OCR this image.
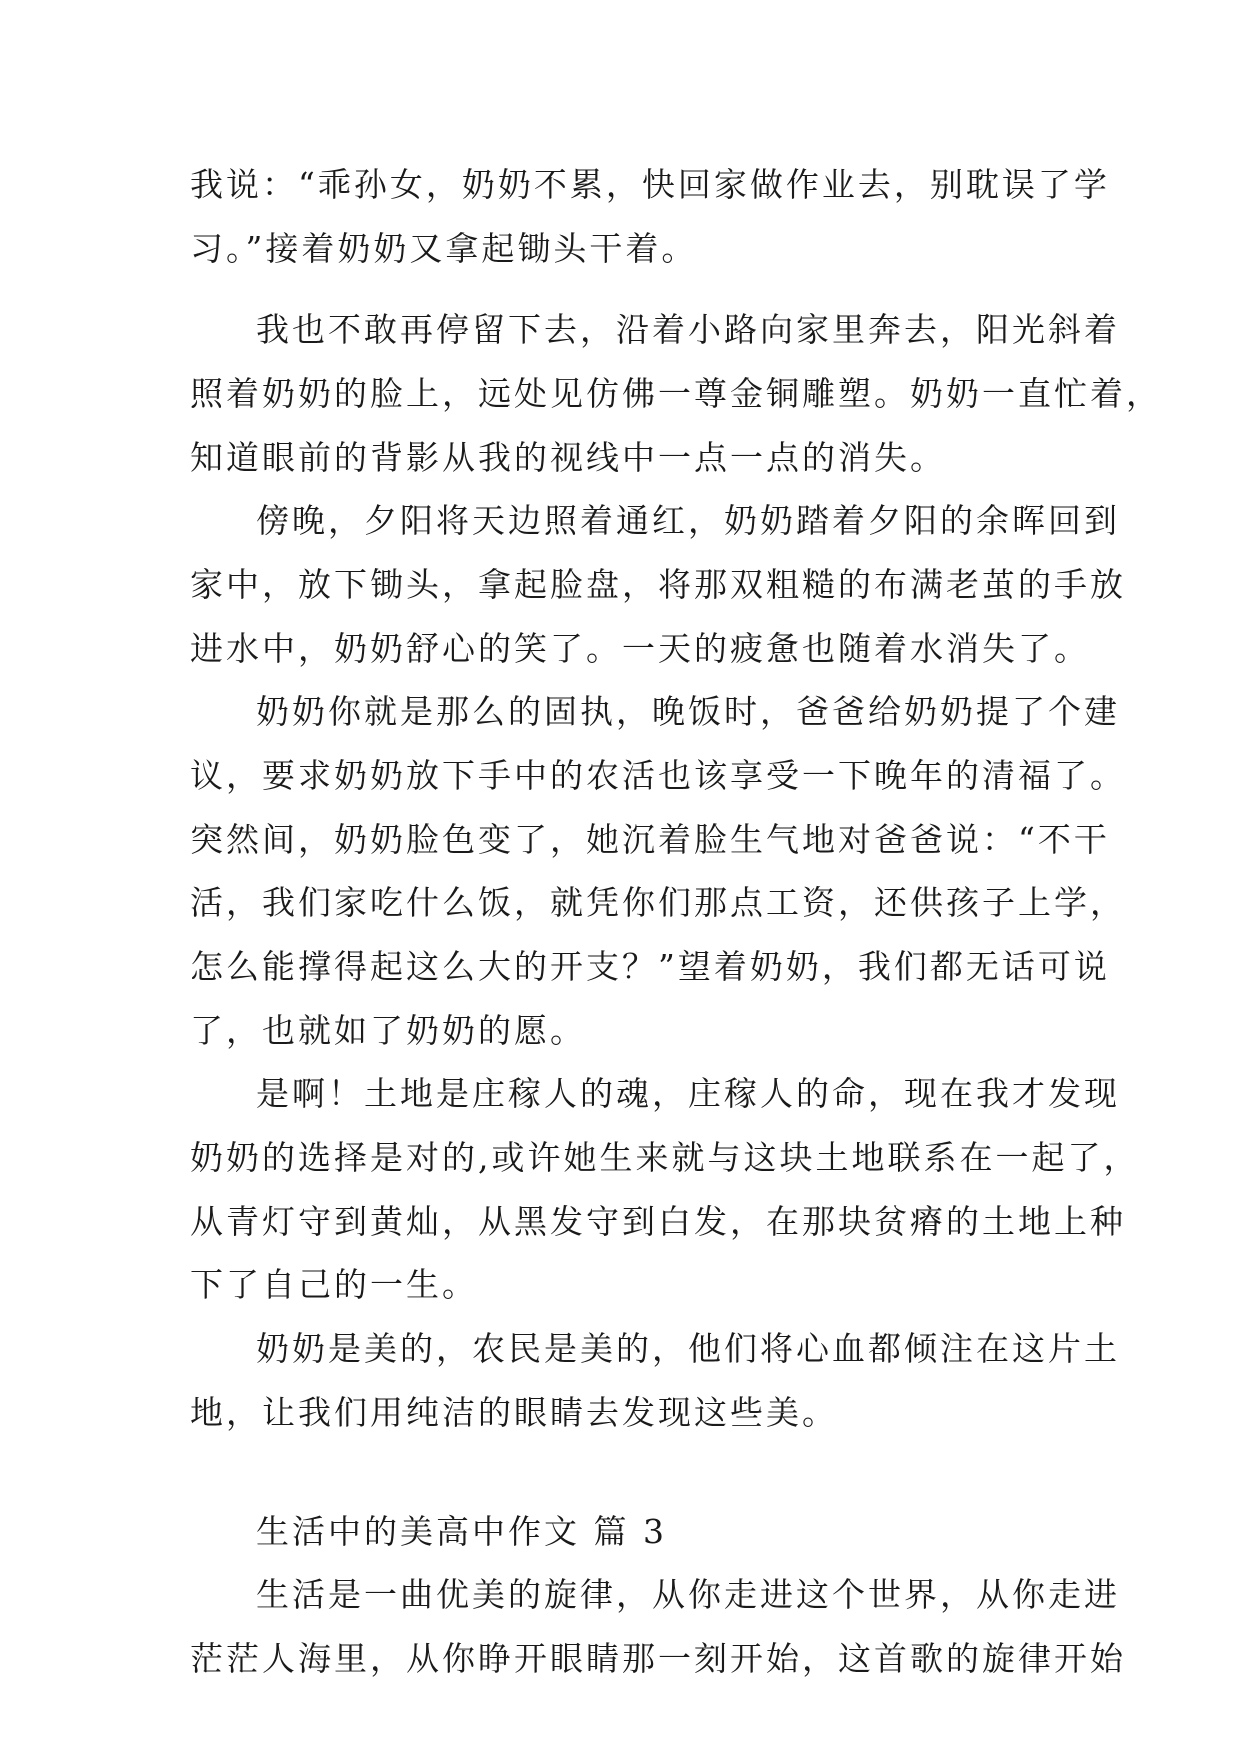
我说：“乖孙女，奶奶不累，快回家做作业去，别耽误了学
习。”接着奶奶又拿起锄头干着。
我也不敢再停留下去，沿着小路向家里奔去，阳光斜着
照着奶奶的脸上，远处见仿佛一尊金铜雕塑。奶奶一直忙着，
知道眼前的背影从我的视线中一点一点的消失。
傍晚，夕阳将天边照着通红，奶奶踏着夕阳的余晖回到
家中，放下锄头，拿起脸盘，将那双粗糙的布满老茧的手放
进水中，奶奶舒心的笑了。一天的疲惫也随着水消失了。
奶奶你就是那么的固执，晚饭时，爸爸给奶奶提了个建
议，要求奶奶放下手中的农活也该享受一下晚年的清福了。
突然间，奶奶脸色变了，她沉着脸生气地对爸爸说：“不干
活，我们家吃什么饭，就凭你们那点工资，还供孩子上学，
怎么能撑得起这么大的开支？”望着奶奶，我们都无话可说
了，也就如了奶奶的愿。
是啊！土地是庄稼人的魂，庄稼人的命，现在我才发现
奶奶的选择是对的,或许她生来就与这块土地联系在一起了，
从青灯守到黄灿，从黑发守到白发，在那块贫瘠的土地上种
下了自己的一生。
奶奶是美的，农民是美的，他们将心血都倾注在这片土
地，让我们用纯洁的眼睛去发现这些美。
生活中的美高中作文 篇 3
生活是一曲优美的旋律，从你走进这个世界，从你走进
茫茫人海里，从你睁开眼睛那一刻开始，这首歌的旋律开始
